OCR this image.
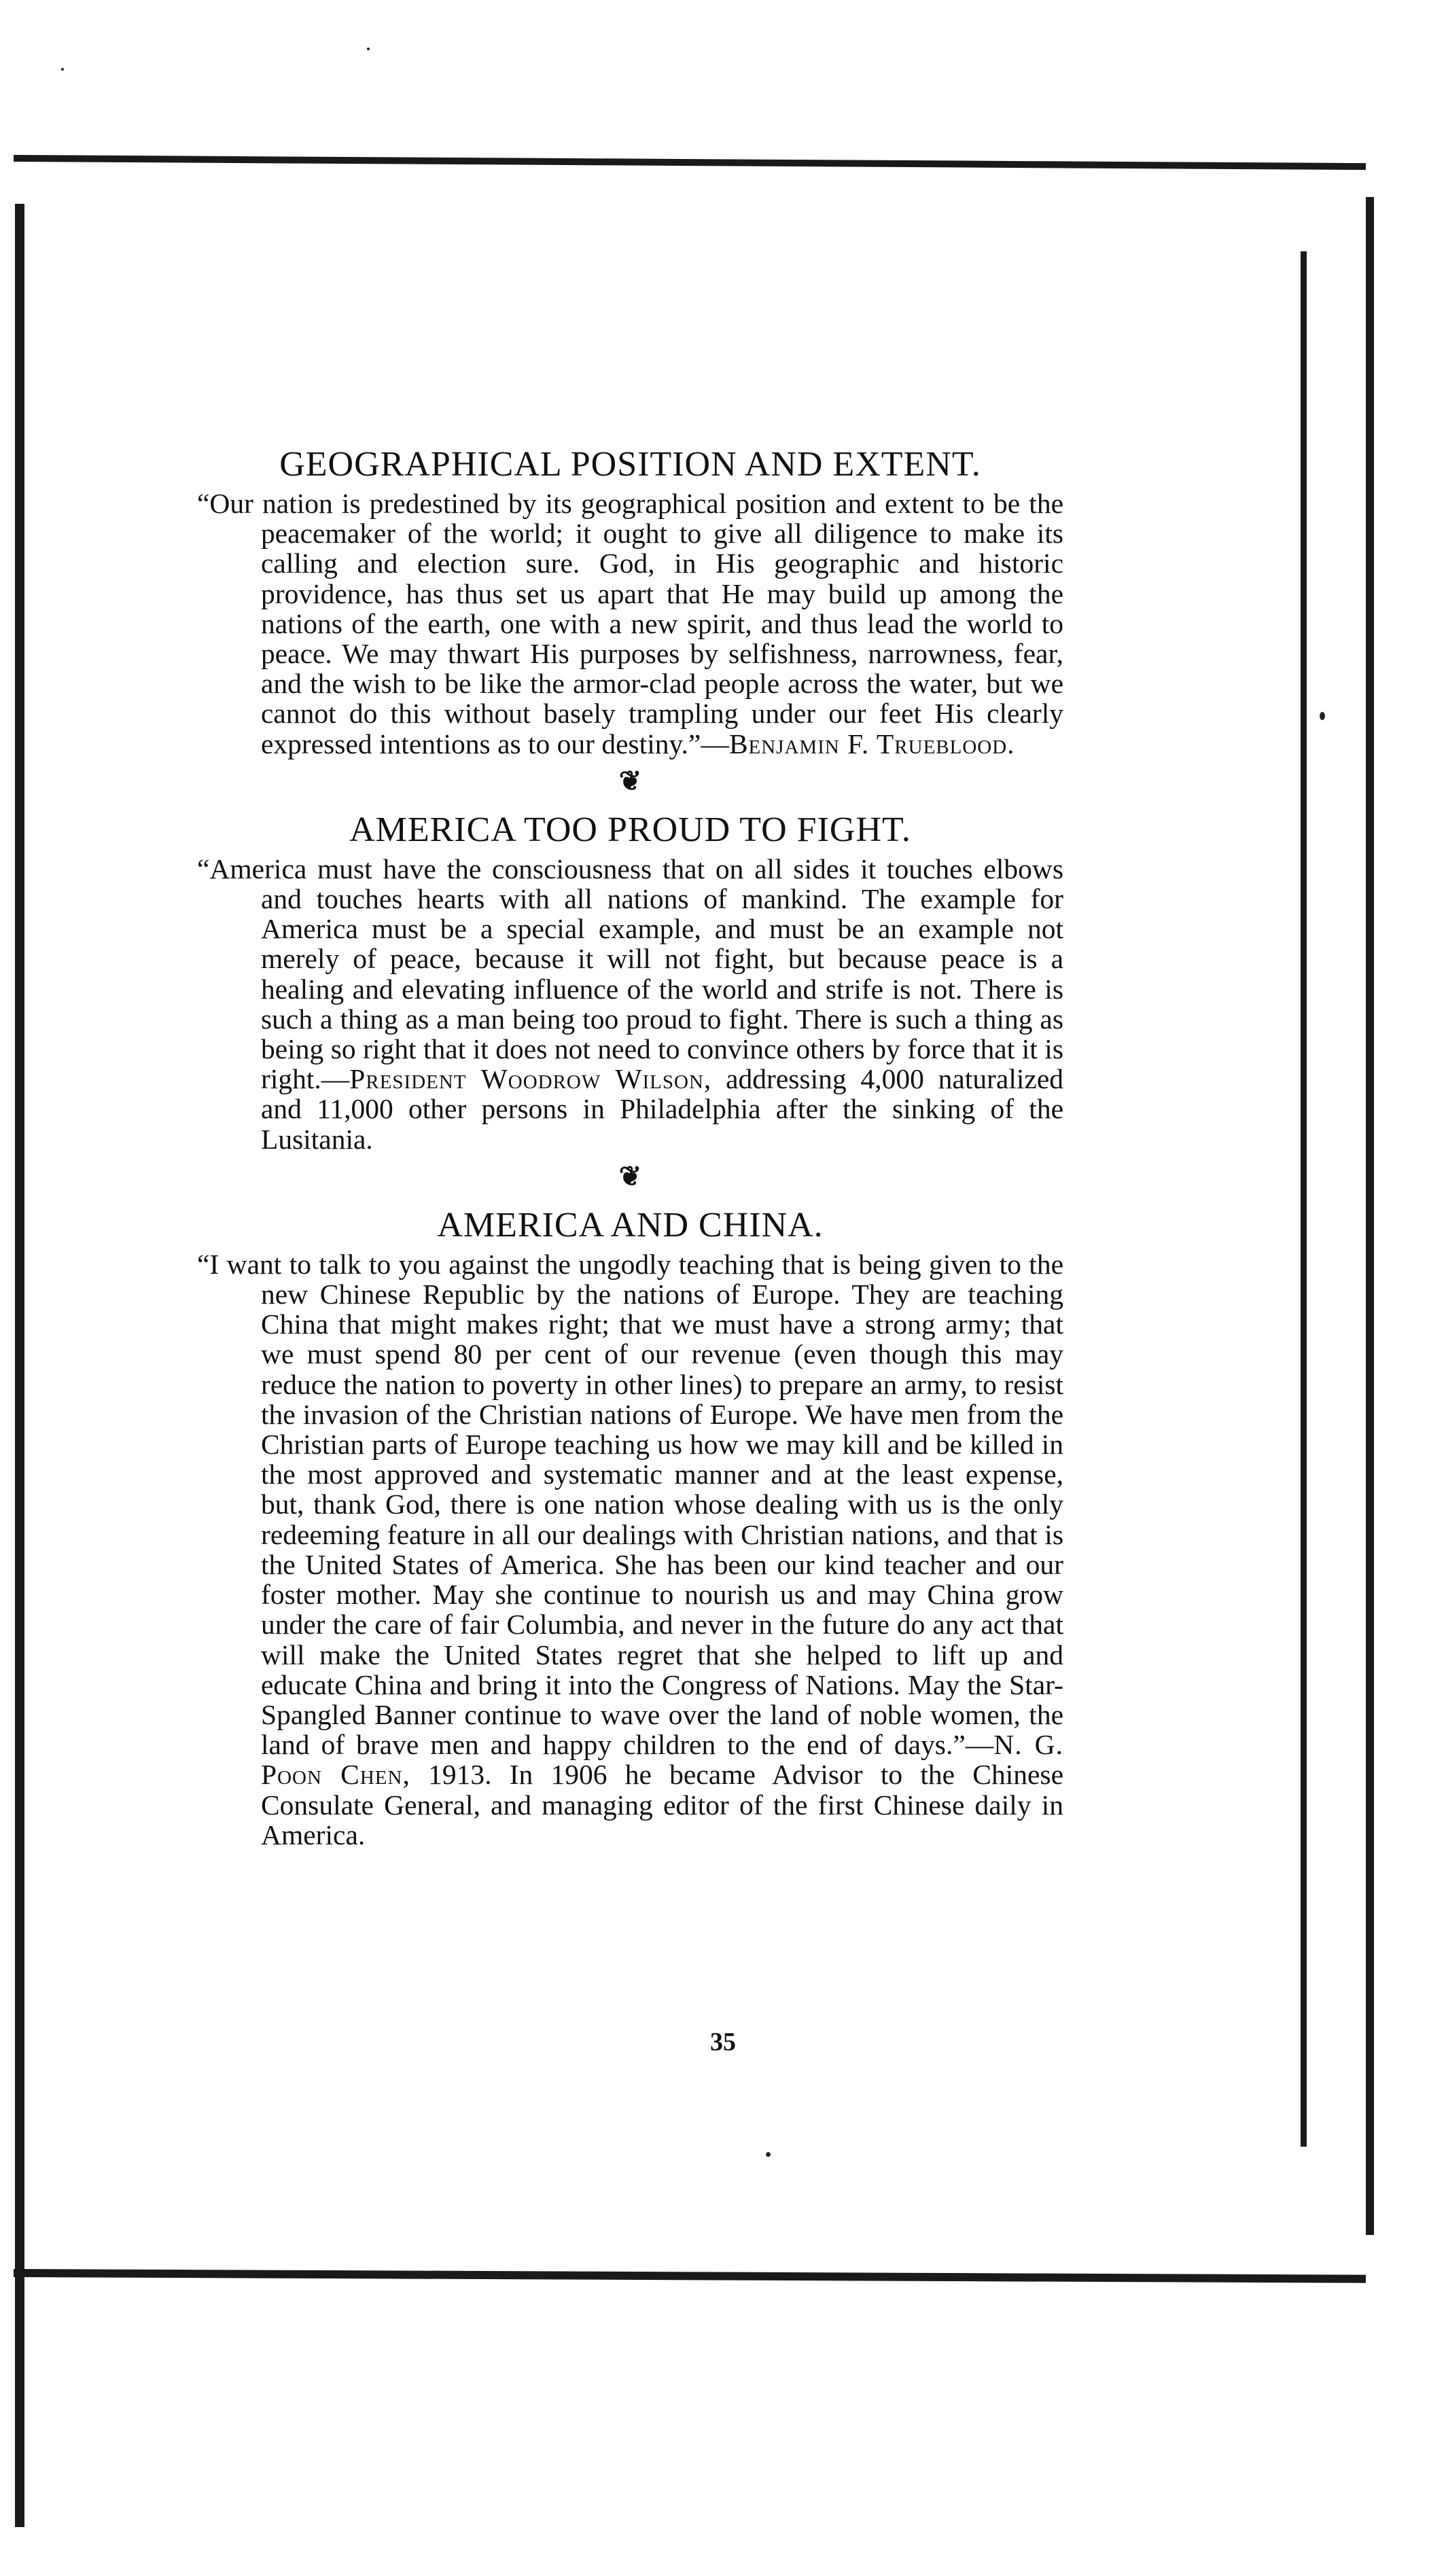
GEOGRAPHICAL POSITION AND EXTENT.

“Our nation is predestined by its geographical position and extent to be the peacemaker of the world; it ought to give all diligence to make its calling and election sure. God, in His geographic and historic providence, has thus set us apart that He may build up among the nations of the earth, one with a new spirit, and thus lead the world to peace. We may thwart His purposes by selfishness, narrowness, fear, and the wish to be like the armor-clad people across the water, but we cannot do this without basely trampling under our feet His clearly expressed intentions as to our destiny.”—Benjamin F. Trueblood.

❦
AMERICA TOO PROUD TO FIGHT.

“America must have the consciousness that on all sides it touches elbows and touches hearts with all nations of mankind. The example for America must be a special example, and must be an example not merely of peace, because it will not fight, but because peace is a healing and elevating influence of the world and strife is not. There is such a thing as a man being too proud to fight. There is such a thing as being so right that it does not need to convince others by force that it is right.—President Woodrow Wilson, addressing 4,000 naturalized and 11,000 other persons in Philadelphia after the sinking of the Lusitania.

❦
AMERICA AND CHINA.

“I want to talk to you against the ungodly teaching that is being given to the new Chinese Republic by the nations of Europe. They are teaching China that might makes right; that we must have a strong army; that we must spend 80 per cent of our revenue (even though this may reduce the nation to poverty in other lines) to prepare an army, to resist the invasion of the Christian nations of Europe. We have men from the Christian parts of Europe teaching us how we may kill and be killed in the most approved and systematic manner and at the least expense, but, thank God, there is one nation whose dealing with us is the only redeeming feature in all our dealings with Christian nations, and that is the United States of America. She has been our kind teacher and our foster mother. May she continue to nourish us and may China grow under the care of fair Columbia, and never in the future do any act that will make the United States regret that she helped to lift up and educate China and bring it into the Congress of Nations. May the Star-Spangled Banner continue to wave over the land of noble women, the land of brave men and happy children to the end of days.”—N. G. Poon Chen, 1913. In 1906 he became Advisor to the Chinese Consulate General, and managing editor of the first Chinese daily in America.

35
